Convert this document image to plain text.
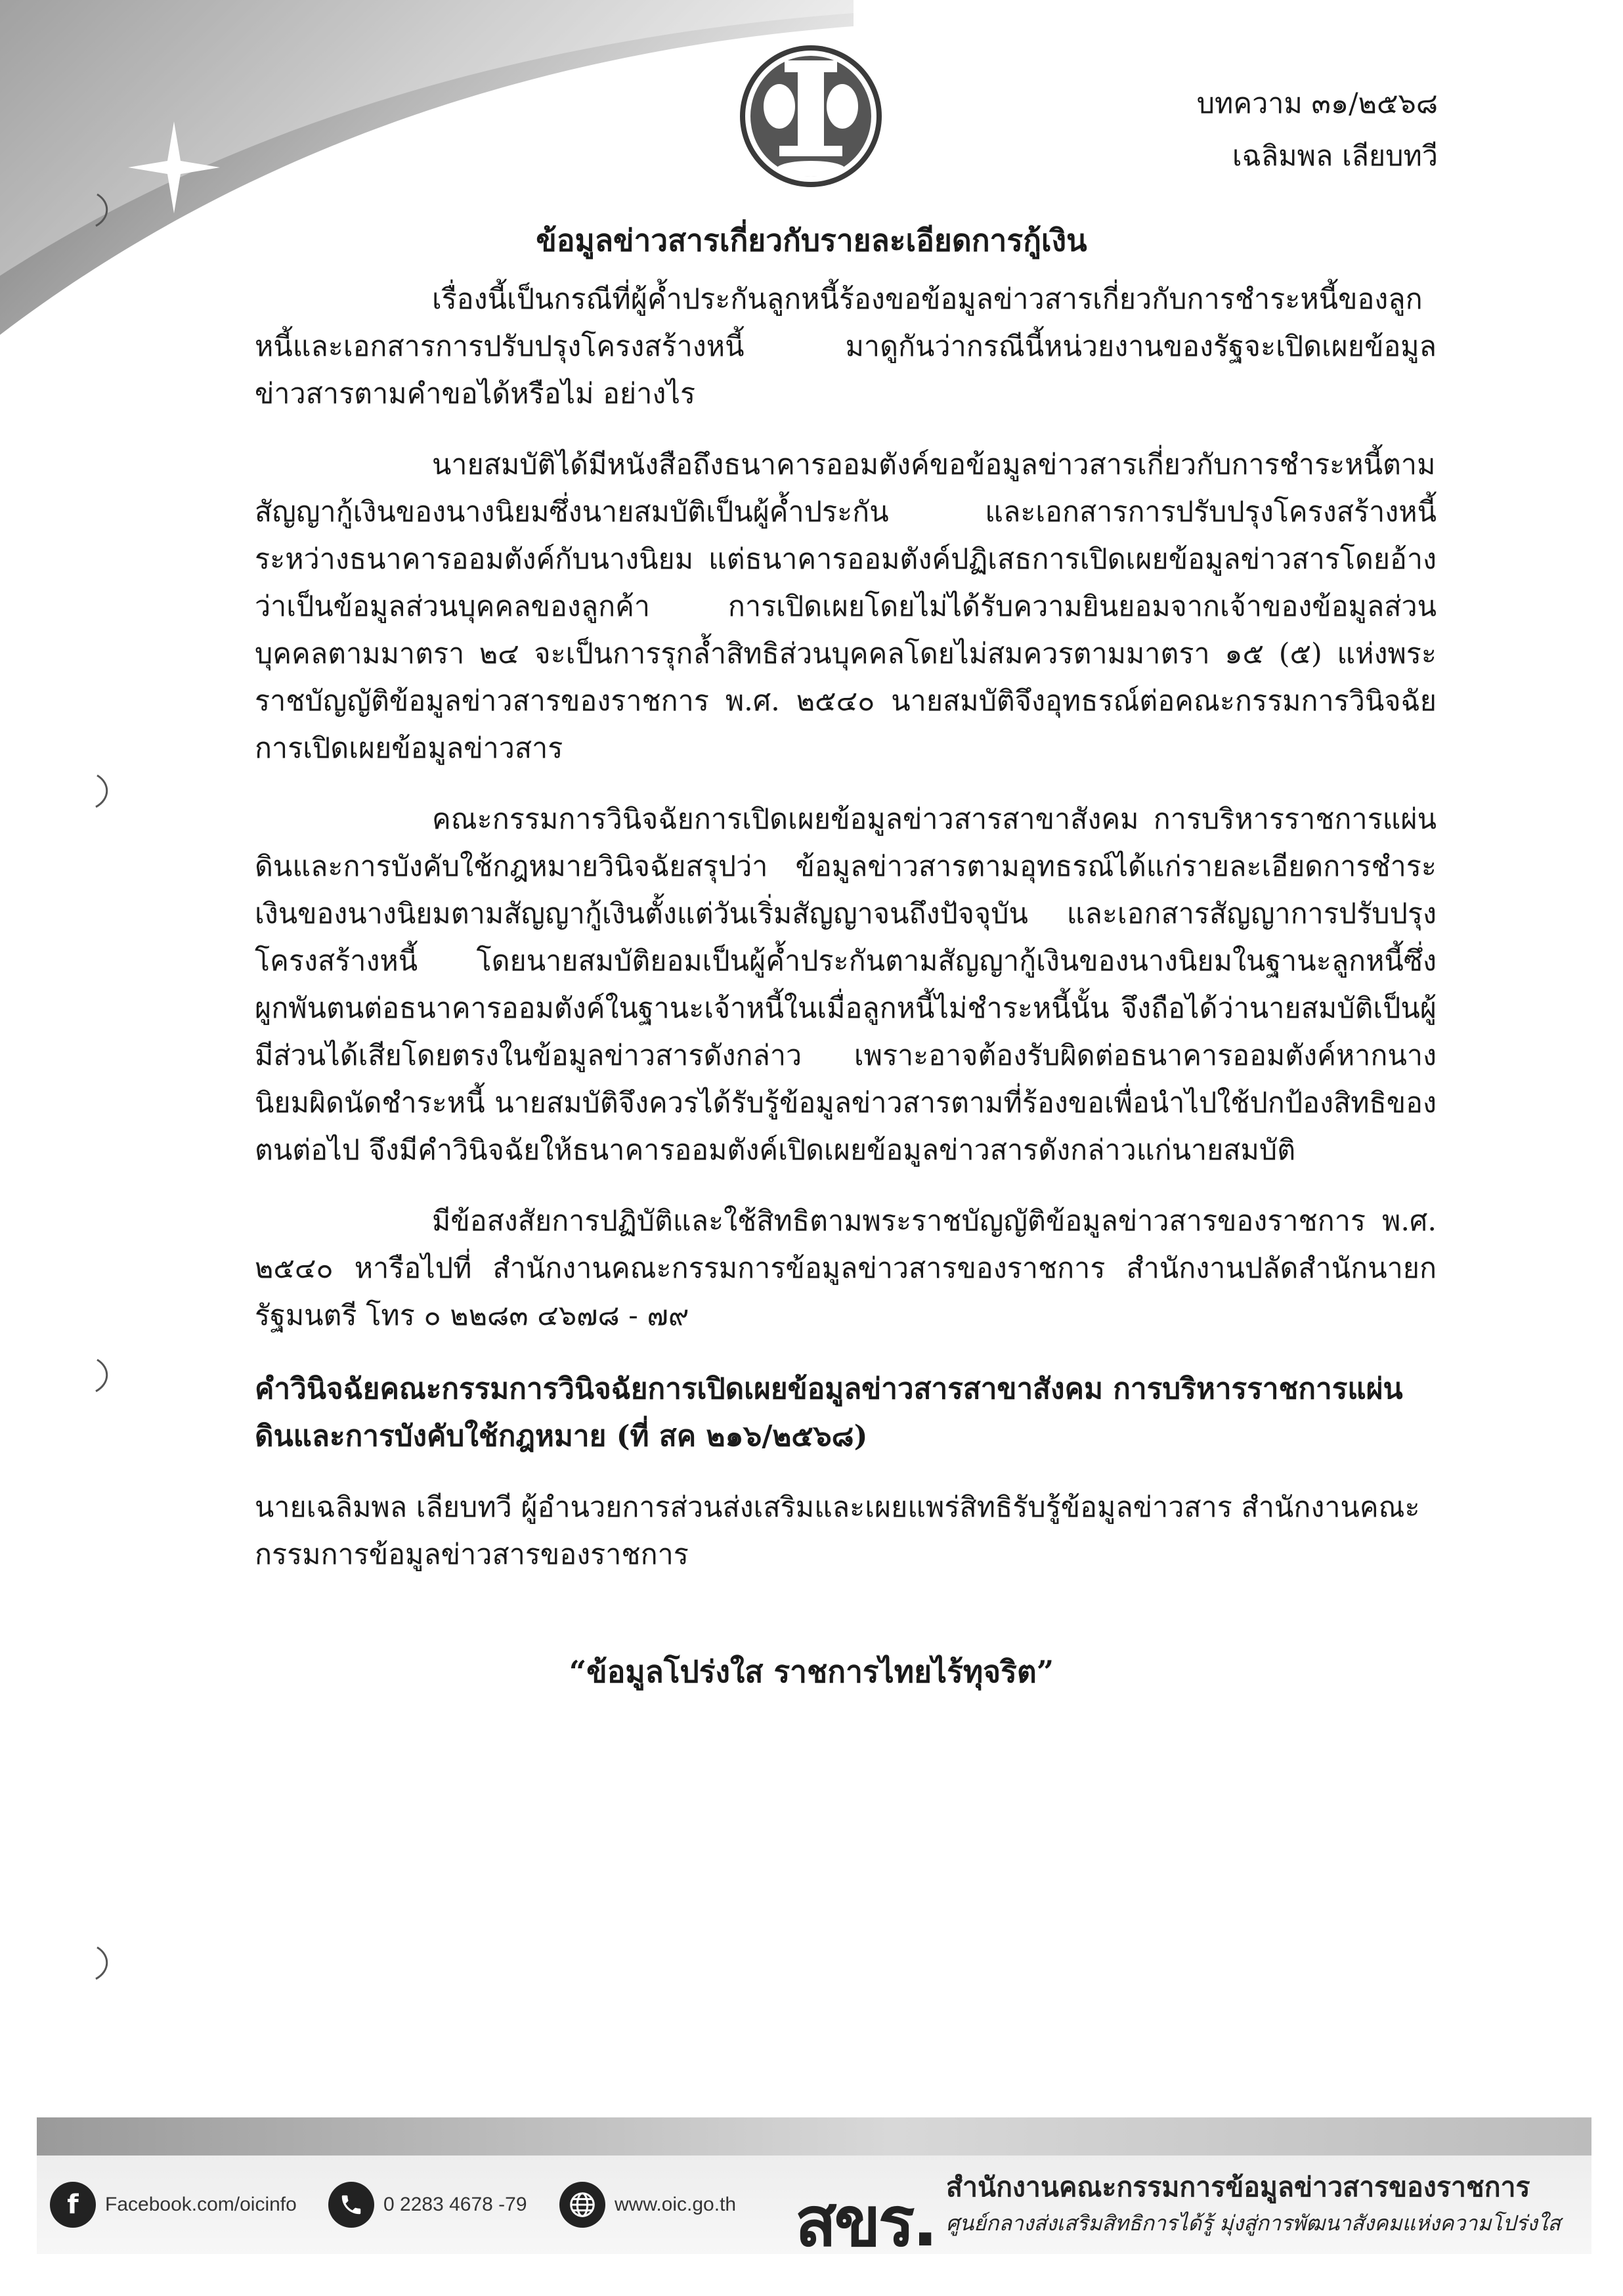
บทความ ๓๑/๒๕๖๘
เฉลิมพล เลียบทวี
ข้อมูลข่าวสารเกี่ยวกับรายละเอียดการกู้เงิน

เรื่องนี้เป็นกรณีที่ผู้ค้ำประกันลูกหนี้ร้องขอข้อมูลข่าวสารเกี่ยวกับการชำระหนี้ของลูกหนี้และเอกสารการปรับปรุงโครงสร้างหนี้ มาดูกันว่ากรณีนี้หน่วยงานของรัฐจะเปิดเผยข้อมูลข่าวสารตามคำขอได้หรือไม่ อย่างไร

นายสมบัติได้มีหนังสือถึงธนาคารออมตังค์ขอข้อมูลข่าวสารเกี่ยวกับการชำระหนี้ตามสัญญากู้เงินของนางนิยมซึ่งนายสมบัติเป็นผู้ค้ำประกัน และเอกสารการปรับปรุงโครงสร้างหนี้ระหว่างธนาคารออมตังค์กับนางนิยม แต่ธนาคารออมตังค์ปฏิเสธการเปิดเผยข้อมูลข่าวสารโดยอ้างว่าเป็นข้อมูลส่วนบุคคลของลูกค้า การเปิดเผยโดยไม่ได้รับความยินยอมจากเจ้าของข้อมูลส่วนบุคคลตามมาตรา ๒๔ จะเป็นการรุกล้ำสิทธิส่วนบุคคลโดยไม่สมควรตามมาตรา ๑๕ (๕) แห่งพระราชบัญญัติข้อมูลข่าวสารของราชการ พ.ศ. ๒๕๔๐ นายสมบัติจึงอุทธรณ์ต่อคณะกรรมการวินิจฉัยการเปิดเผยข้อมูลข่าวสาร

คณะกรรมการวินิจฉัยการเปิดเผยข้อมูลข่าวสารสาขาสังคม การบริหารราชการแผ่นดินและการบังคับใช้กฎหมายวินิจฉัยสรุปว่า ข้อมูลข่าวสารตามอุทธรณ์ได้แก่รายละเอียดการชำระเงินของนางนิยมตามสัญญากู้เงินตั้งแต่วันเริ่มสัญญาจนถึงปัจจุบัน และเอกสารสัญญาการปรับปรุงโครงสร้างหนี้ โดยนายสมบัติยอมเป็นผู้ค้ำประกันตามสัญญากู้เงินของนางนิยมในฐานะลูกหนี้ซึ่งผูกพันตนต่อธนาคารออมตังค์ในฐานะเจ้าหนี้ในเมื่อลูกหนี้ไม่ชำระหนี้นั้น จึงถือได้ว่านายสมบัติเป็นผู้มีส่วนได้เสียโดยตรงในข้อมูลข่าวสารดังกล่าว เพราะอาจต้องรับผิดต่อธนาคารออมตังค์หากนางนิยมผิดนัดชำระหนี้ นายสมบัติจึงควรได้รับรู้ข้อมูลข่าวสารตามที่ร้องขอเพื่อนำไปใช้ปกป้องสิทธิของตนต่อไป จึงมีคำวินิจฉัยให้ธนาคารออมตังค์เปิดเผยข้อมูลข่าวสารดังกล่าวแก่นายสมบัติ

มีข้อสงสัยการปฏิบัติและใช้สิทธิตามพระราชบัญญัติข้อมูลข่าวสารของราชการ พ.ศ. ๒๕๔๐ หารือไปที่ สำนักงานคณะกรรมการข้อมูลข่าวสารของราชการ สำนักงานปลัดสำนักนายกรัฐมนตรี โทร ๐ ๒๒๘๓ ๔๖๗๘ - ๗๙

คำวินิจฉัยคณะกรรมการวินิจฉัยการเปิดเผยข้อมูลข่าวสารสาขาสังคม การบริหารราชการแผ่นดินและการบังคับใช้กฎหมาย (ที่ สค ๒๑๖/๒๕๖๘)

นายเฉลิมพล เลียบทวี ผู้อำนวยการส่วนส่งเสริมและเผยแพร่สิทธิรับรู้ข้อมูลข่าวสาร สำนักงานคณะกรรมการข้อมูลข่าวสารของราชการ

“ข้อมูลโปร่งใส ราชการไทยไร้ทุจริต”
f	Facebook.com/oicinfo	0 2283 4678 -79	www.oic.go.th สขร. สำนักงานคณะกรรมการข้อมูลข่าวสารของราชการ
ศูนย์กลางส่งเสริมสิทธิการได้รู้ มุ่งสู่การพัฒนาสังคมแห่งความโปร่งใส
